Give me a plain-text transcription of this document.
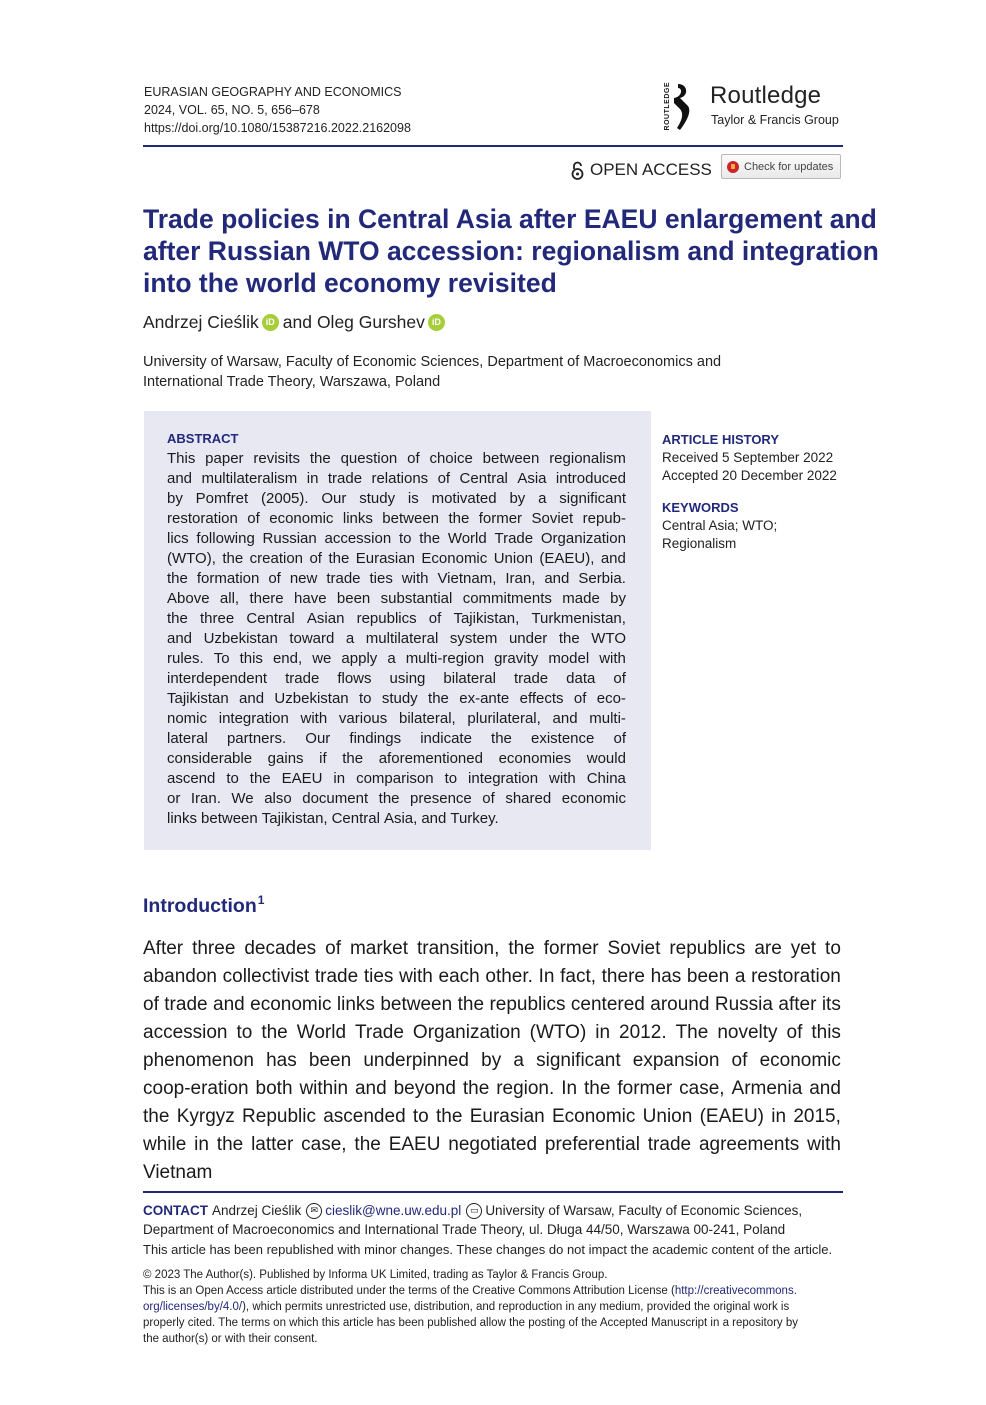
EURASIAN GEOGRAPHY AND ECONOMICS
2024, VOL. 65, NO. 5, 656–678
https://doi.org/10.1080/15387216.2022.2162098	ROUTLEDGE Routledge
Taylor & Francis Group
OPEN ACCESS	Check for updates
Trade policies in Central Asia after EAEU enlargement and
after Russian WTO accession: regionalism and integration
into the world economy revisited
Andrzej Cieślik iD and Oleg Gurshev iD
University of Warsaw, Faculty of Economic Sciences, Department of Macroeconomics and
International Trade Theory, Warszawa, Poland
ABSTRACT
This paper revisits the question of choice between regionalism
and multilateralism in trade relations of Central Asia introduced
by Pomfret (2005). Our study is motivated by a significant
restoration of economic links between the former Soviet repub-
lics following Russian accession to the World Trade Organization
(WTO), the creation of the Eurasian Economic Union (EAEU), and
the formation of new trade ties with Vietnam, Iran, and Serbia.
Above all, there have been substantial commitments made by
the three Central Asian republics of Tajikistan, Turkmenistan,
and Uzbekistan toward a multilateral system under the WTO
rules. To this end, we apply a multi-region gravity model with
interdependent trade flows using bilateral trade data of
Tajikistan and Uzbekistan to study the ex-ante effects of eco-
nomic integration with various bilateral, plurilateral, and multi-
lateral partners. Our findings indicate the existence of
considerable gains if the aforementioned economies would
ascend to the EAEU in comparison to integration with China
or Iran. We also document the presence of shared economic
links between Tajikistan, Central Asia, and Turkey.
ARTICLE HISTORY
Received 5 September 2022
Accepted 20 December 2022
KEYWORDS
Central Asia; WTO;
Regionalism
Introduction$^1$
After three decades of market transition, the former Soviet republics are yet to
abandon collectivist trade ties with each other. In fact, there has been a restoration
of trade and economic links between the republics centered around Russia after its
accession to the World Trade Organization (WTO) in 2012. The novelty of this
phenomenon has been underpinned by a significant expansion of economic
coop-eration both within and beyond the region. In the former case, Armenia and
the Kyrgyz Republic ascended to the Eurasian Economic Union (EAEU) in 2015,
while in the latter case, the EAEU negotiated preferential trade agreements with
Vietnam
CONTACT Andrzej Cieślik	✉ cieslik@wne.uw.edu.pl ▭ University of Warsaw, Faculty of Economic Sciences,
Department of Macroeconomics and International Trade Theory, ul. Długa 44/50, Warszawa 00-241, Poland
This article has been republished with minor changes. These changes do not impact the academic content of the article.
© 2023 The Author(s). Published by Informa UK Limited, trading as Taylor & Francis Group.
This is an Open Access article distributed under the terms of the Creative Commons Attribution License (http://creativecommons.
org/licenses/by/4.0/), which permits unrestricted use, distribution, and reproduction in any medium, provided the original work is
properly cited. The terms on which this article has been published allow the posting of the Accepted Manuscript in a repository by
the author(s) or with their consent.
